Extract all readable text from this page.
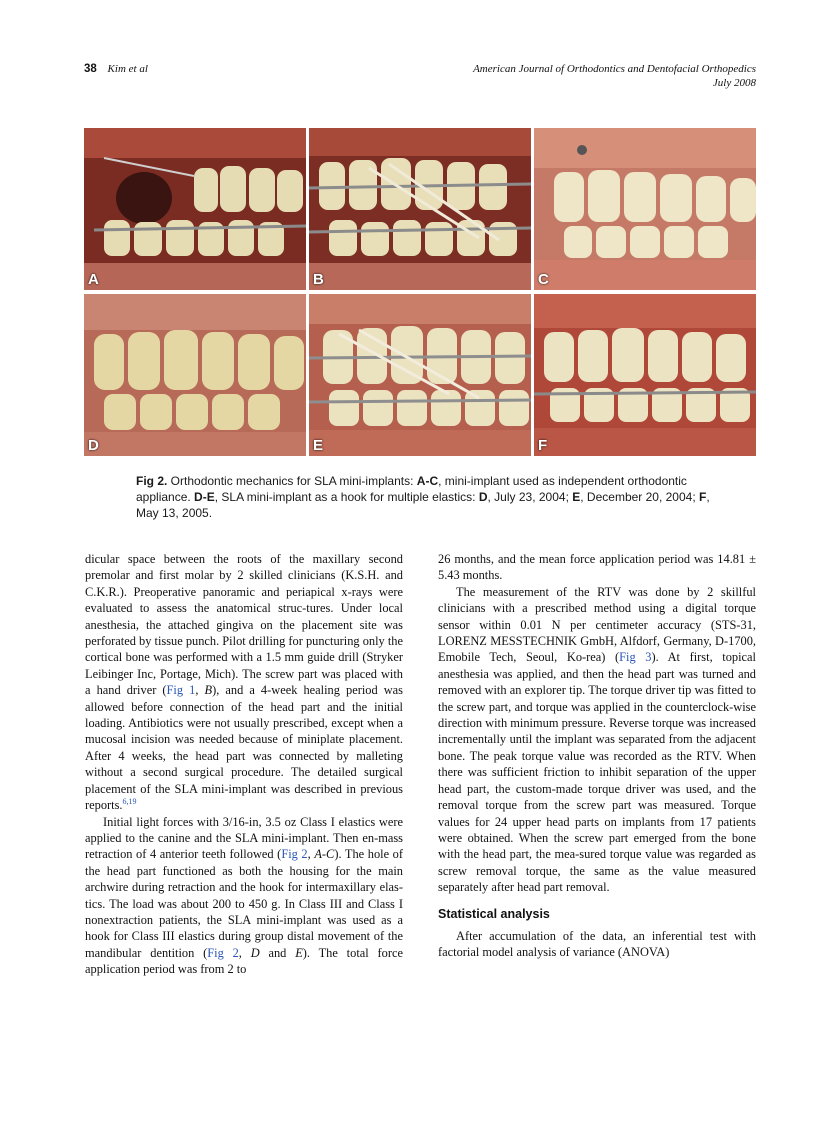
38 Kim et al	American Journal of Orthodontics and Dentofacial Orthopedics
July 2008
A	B	C
D	E	F
Fig 2. Orthodontic mechanics for SLA mini-implants: A-C, mini-implant used as independent orthodontic appliance. D-E, SLA mini-implant as a hook for multiple elastics: D, July 23, 2004; E, December 20, 2004; F, May 13, 2005.

dicular space between the roots of the maxillary second premolar and first molar by 2 skilled clinicians (K.S.H. and C.K.R.). Preoperative panoramic and periapical x-rays were evaluated to assess the anatomical struc-tures. Under local anesthesia, the attached gingiva on the placement site was perforated by tissue punch. Pilot drilling for puncturing only the cortical bone was performed with a 1.5 mm guide drill (Stryker Leibinger Inc, Portage, Mich). The screw part was placed with a hand driver (Fig 1, B), and a 4-week healing period was allowed before connection of the head part and the initial loading. Antibiotics were not usually prescribed, except when a mucosal incision was needed because of miniplate placement. After 4 weeks, the head part was connected by malleting without a second surgical procedure. The detailed surgical placement of the SLA mini-implant was described in previous reports.$^{6,19}$

Initial light forces with 3/16-in, 3.5 oz Class I elastics were applied to the canine and the SLA mini-implant. Then en-mass retraction of 4 anterior teeth followed (Fig 2, A-C). The hole of the head part functioned as both the housing for the main archwire during retraction and the hook for intermaxillary elas-tics. The load was about 200 to 450 g. In Class III and Class I nonextraction patients, the SLA mini-implant was used as a hook for Class III elastics during group distal movement of the mandibular dentition (Fig 2, D and E). The total force application period was from 2 to

26 months, and the mean force application period was 14.81 ± 5.43 months.

The measurement of the RTV was done by 2 skillful clinicians with a prescribed method using a digital torque sensor within 0.01 N per centimeter accuracy (STS-31, LORENZ MESSTECHNIK GmbH, Alfdorf, Germany, D-1700, Emobile Tech, Seoul, Ko-rea) (Fig 3). At first, topical anesthesia was applied, and then the head part was turned and removed with an explorer tip. The torque driver tip was fitted to the screw part, and torque was applied in the counterclock-wise direction with minimum pressure. Reverse torque was increased incrementally until the implant was separated from the adjacent bone. The peak torque value was recorded as the RTV. When there was sufficient friction to inhibit separation of the upper head part, the custom-made torque driver was used, and the removal torque from the screw part was measured. Torque values for 24 upper head parts on implants from 17 patients were obtained. When the screw part emerged from the bone with the head part, the mea-sured torque value was regarded as screw removal torque, the same as the value measured separately after head part removal.

Statistical analysis

After accumulation of the data, an inferential test with factorial model analysis of variance (ANOVA)
